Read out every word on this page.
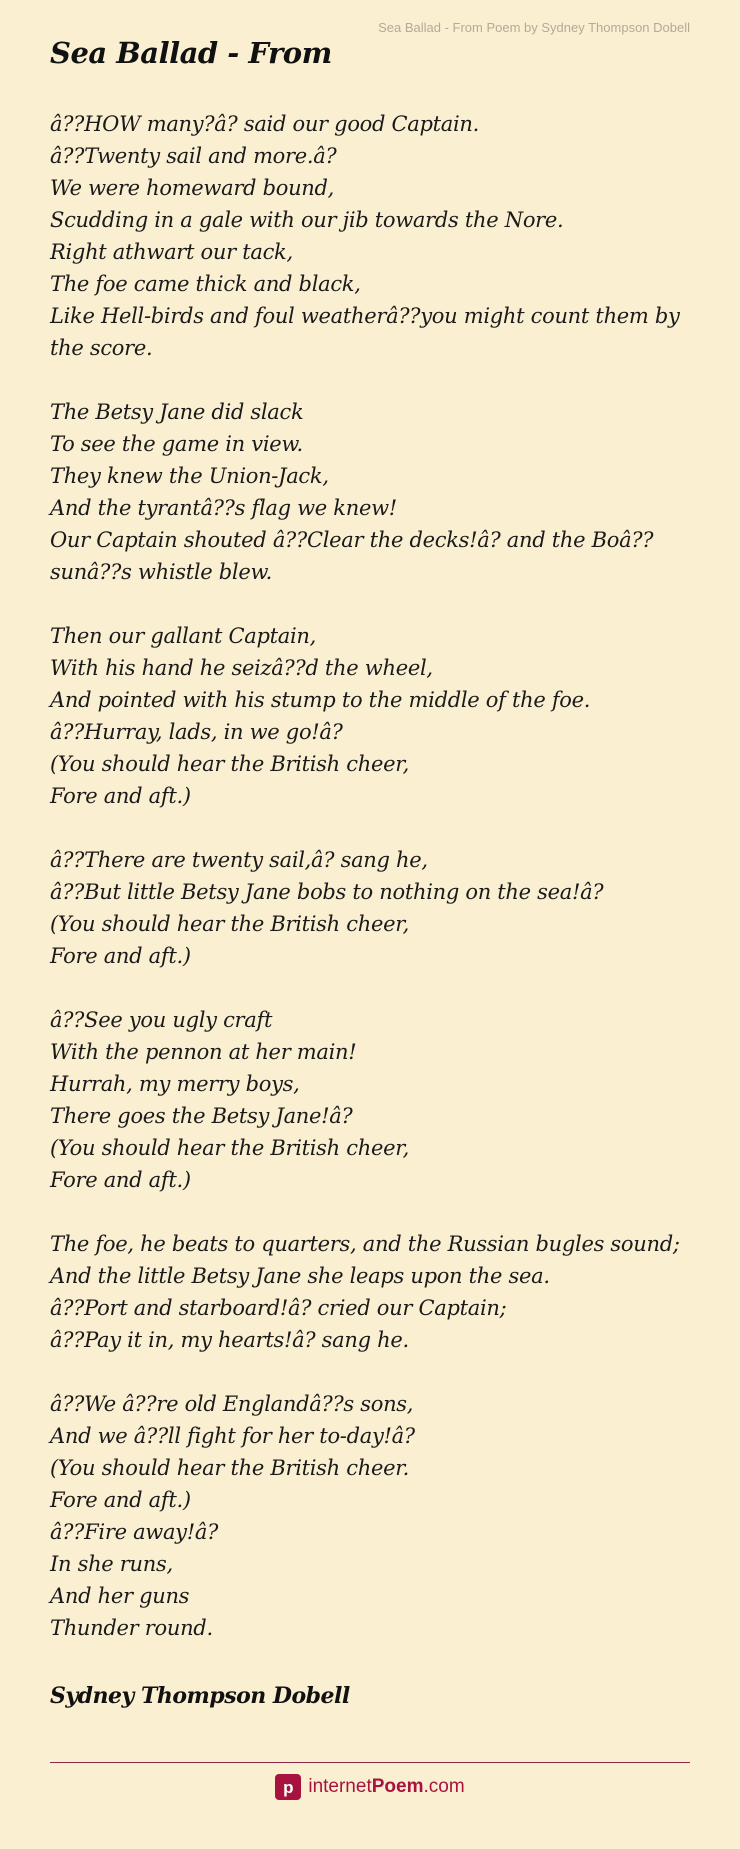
Sea Ballad - From Poem by Sydney Thompson Dobell
Sea Ballad - From
â??HOW many?â? said our good Captain.
â??Twenty sail and more.â?
We were homeward bound,
Scudding in a gale with our jib towards the Nore.
Right athwart our tack,
The foe came thick and black,
Like Hell-birds and foul weatherâ??you might count them by the score.
The Betsy Jane did slack
To see the game in view.
They knew the Union-Jack,
And the tyrantâ??s flag we knew!
Our Captain shouted â??Clear the decks!â? and the Boâ??sunâ??s whistle blew.
Then our gallant Captain,
With his hand he seizâ??d the wheel,
And pointed with his stump to the middle of the foe.
â??Hurray, lads, in we go!â?
(You should hear the British cheer,
Fore and aft.)
â??There are twenty sail,â? sang he,
â??But little Betsy Jane bobs to nothing on the sea!â?
(You should hear the British cheer,
Fore and aft.)
â??See you ugly craft
With the pennon at her main!
Hurrah, my merry boys,
There goes the Betsy Jane!â?
(You should hear the British cheer,
Fore and aft.)
The foe, he beats to quarters, and the Russian bugles sound;
And the little Betsy Jane she leaps upon the sea.
â??Port and starboard!â? cried our Captain;
â??Pay it in, my hearts!â? sang he.
â??We â??re old Englandâ??s sons,
And we â??ll fight for her to-day!â?
(You should hear the British cheer.
Fore and aft.)
â??Fire away!â?
In she runs,
And her guns
Thunder round.
Sydney Thompson Dobell
p internetPoem.com
